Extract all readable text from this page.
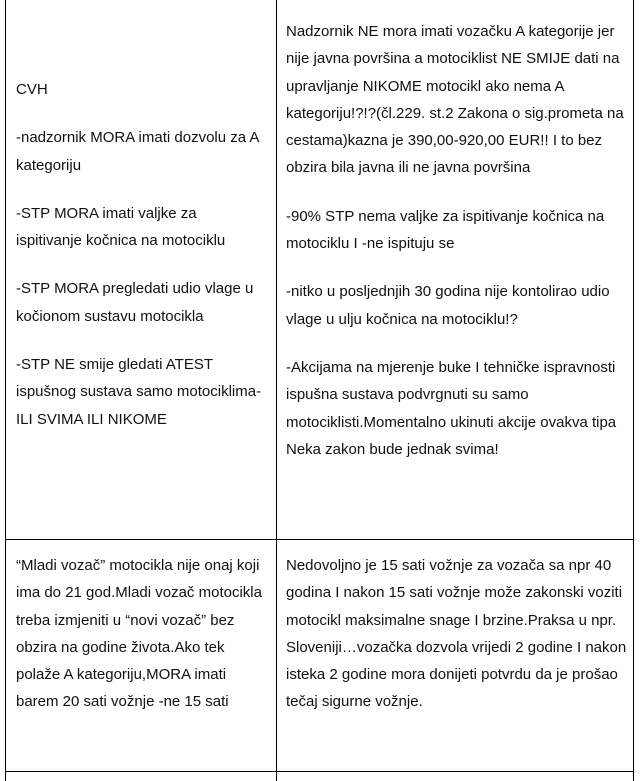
CVH

-nadzornik MORA imati dozvolu za A kategoriju

-STP MORA imati valjke za ispitivanje kočnica na motociklu

-STP MORA pregledati udio vlage u kočionom sustavu motocikla

-STP NE smije gledati ATEST ispušnog sustava samo motociklima-ILI SVIMA ILI NIKOME

Nadzornik NE mora imati vozačku A kategorije jer nije javna površina a motociklist NE SMIJE dati na upravljanje NIKOME motocikl ako nema A kategoriju!?!?(čl.229. st.2 Zakona o sig.prometa na cestama)kazna je 390,00-920,00 EUR!! I to bez obzira bila javna ili ne javna površina

-90% STP nema valjke za ispitivanje kočnica na motociklu I -ne ispituju se

-nitko u posljednjih 30 godina nije kontolirao udio vlage u ulju kočnica na motociklu!?

-Akcijama na mjerenje buke I tehničke ispravnosti ispušna sustava podvrgnuti su samo motociklisti.Momentalno ukinuti akcije ovakva tipa Neka zakon bude jednak svima!

“Mladi vozač” motocikla nije onaj koji ima do 21 god.Mladi vozač motocikla treba izmjeniti u “novi vozač” bez obzira na godine života.Ako tek polaže A kategoriju,MORA imati barem 20 sati vožnje -ne 15 sati

Nedovoljno je 15 sati vožnje za vozača sa npr 40 godina I nakon 15 sati vožnje može zakonski voziti motocikl maksimalne snage I brzine.Praksa u npr. Sloveniji…vozačka dozvola vrijedi 2 godine I nakon isteka 2 godine mora donijeti potvrdu da je prošao tečaj sigurne vožnje.
